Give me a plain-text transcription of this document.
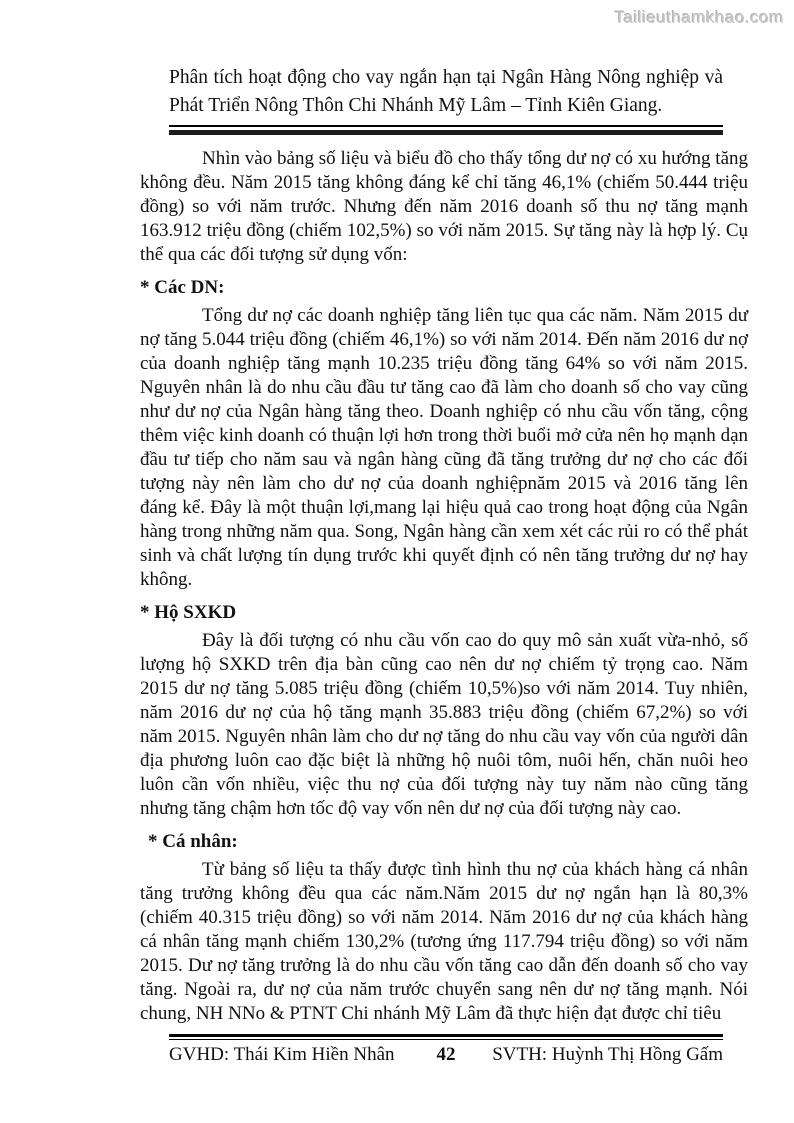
Tailieuthamkhao.com

Phân tích hoạt động cho vay ngắn hạn tại Ngân Hàng Nông nghiệp và Phát Triển Nông Thôn Chi Nhánh Mỹ Lâm – Tỉnh Kiên Giang.

Nhìn vào bảng số liệu và biểu đồ cho thấy tổng dư nợ có xu hướng tăng không đều. Năm 2015 tăng không đáng kể chỉ tăng 46,1% (chiếm 50.444 triệu đồng) so với năm trước. Nhưng đến năm 2016 doanh số thu nợ tăng mạnh 163.912 triệu đồng (chiếm 102,5%) so với năm 2015. Sự tăng này là hợp lý. Cụ thể qua các đối tượng sử dụng vốn:

* Các DN:

Tổng dư nợ các doanh nghiệp tăng liên tục qua các năm. Năm 2015 dư nợ tăng 5.044 triệu đồng (chiếm 46,1%) so với năm 2014. Đến năm 2016 dư nợ của doanh nghiệp tăng mạnh 10.235 triệu đồng tăng 64% so với năm 2015. Nguyên nhân là do nhu cầu đầu tư tăng cao đã làm cho doanh số cho vay cũng như dư nợ của Ngân hàng tăng theo. Doanh nghiệp có nhu cầu vốn tăng, cộng thêm việc kinh doanh có thuận lợi hơn trong thời buổi mở cửa nên họ mạnh dạn đầu tư tiếp cho năm sau và ngân hàng cũng đã tăng trưởng dư nợ cho các đối tượng này nên làm cho dư nợ của doanh nghiệpnăm 2015 và 2016 tăng lên đáng kể. Đây là một thuận lợi,mang lại hiệu quả cao trong hoạt động của Ngân hàng trong những năm qua. Song, Ngân hàng cần xem xét các rủi ro có thể phát sinh và chất lượng tín dụng trước khi quyết định có nên tăng trưởng dư nợ hay không.

* Hộ SXKD

Đây là đối tượng có nhu cầu vốn cao do quy mô sản xuất vừa-nhỏ, số lượng hộ SXKD trên địa bàn cũng cao nên dư nợ chiếm tỷ trọng cao. Năm 2015 dư nợ tăng 5.085 triệu đồng (chiếm 10,5%)so với năm 2014. Tuy nhiên, năm 2016 dư nợ của hộ tăng mạnh 35.883 triệu đồng (chiếm 67,2%) so với năm 2015. Nguyên nhân làm cho dư nợ tăng do nhu cầu vay vốn của người dân địa phương luôn cao đặc biệt là những hộ nuôi tôm, nuôi hến, chăn nuôi heo luôn cần vốn nhiều, việc thu nợ của đối tượng này tuy năm nào cũng tăng nhưng tăng chậm hơn tốc độ vay vốn nên dư nợ của đối tượng này cao.

* Cá nhân:

Từ bảng số liệu ta thấy được tình hình thu nợ của khách hàng cá nhân tăng trưởng không đều qua các năm.Năm 2015 dư nợ ngắn hạn là 80,3% (chiếm 40.315 triệu đồng) so với năm 2014. Năm 2016 dư nợ của khách hàng cá nhân tăng mạnh chiếm 130,2% (tương ứng 117.794 triệu đồng) so với năm 2015. Dư nợ tăng trưởng là do nhu cầu vốn tăng cao dẫn đến doanh số cho vay tăng. Ngoài ra, dư nợ của năm trước chuyển sang nên dư nợ tăng mạnh. Nói chung, NH NNo & PTNT Chi nhánh Mỹ Lâm đã thực hiện đạt được chỉ tiêu

GVHD: Thái Kim Hiền Nhân	42	SVTH: Huỳnh Thị Hồng Gấm
